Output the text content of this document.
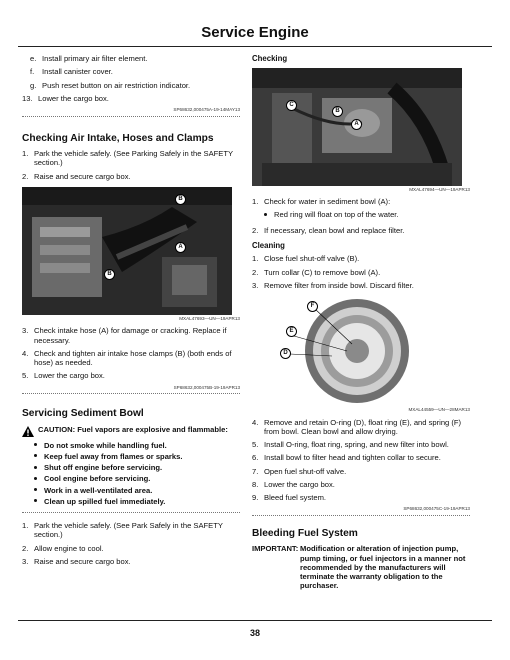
Service Engine
e. Install primary air filter element.
f. Install canister cover.
g. Push reset button on air restriction indicator.
13. Lower the cargo box.
SP68632,000475A-19-14MAY13
Checking Air Intake, Hoses and Clamps
1. Park the vehicle safely. (See Parking Safely in the SAFETY section.)
2. Raise and secure cargo box.
B
A
B
MXAL47693—UN—19APR13
3. Check intake hose (A) for damage or cracking. Replace if necessary.
4. Check and tighten air intake hose clamps (B) (both ends of hose) as needed.
5. Lower the cargo box.
SP68632,000475B-19-19APR13
Servicing Sediment Bowl
CAUTION: Fuel vapors are explosive and flammable:
Do not smoke while handling fuel.
Keep fuel away from flames or sparks.
Shut off engine before servicing.
Cool engine before servicing.
Work in a well-ventilated area.
Clean up spilled fuel immediately.
1. Park the vehicle safely. (See Park Safely in the SAFETY section.)
2. Allow engine to cool.
3. Raise and secure cargo box.
Checking
C
B
A
MXAL47694—UN—19APR13
1. Check for water in sediment bowl (A):
Red ring will float on top of the water.
2. If necessary, clean bowl and replace filter.
Cleaning
1. Close fuel shut-off valve (B).
2. Turn collar (C) to remove bowl (A).
3. Remove filter from inside bowl. Discard filter.
F
E
D
MXAL44559—UN—28MAR13
4. Remove and retain O-ring (D), float ring (E), and spring (F) from bowl. Clean bowl and allow drying.
5. Install O-ring, float ring, spring, and new filter into bowl.
6. Install bowl to filter head and tighten collar to secure.
7. Open fuel shut-off valve.
8. Lower the cargo box.
9. Bleed fuel system.
SP68632,000475C-19-19APR13
Bleeding Fuel System
IMPORTANT: Modification or alteration of injection pump, pump timing, or fuel injectors in a manner not recommended by the manufacturers will terminate the warranty obligation to the purchaser.
38
